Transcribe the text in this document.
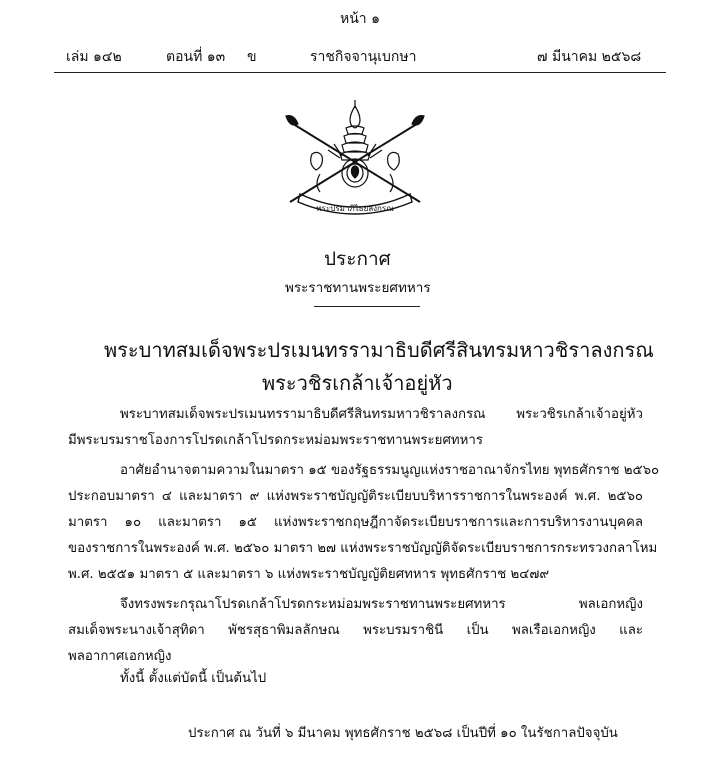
หน้า ๑
เล่ม ๑๔๒	ตอนที่ ๑๓ ข	ราชกิจจานุเบกษา	๗ มีนาคม ๒๕๖๘
พระปรมาภิไธยลงกรณ
ประกาศ
พระราชทานพระยศทหาร
พระบาทสมเด็จพระปรเมนทรรามาธิบดีศรีสินทรมหาวชิราลงกรณ
พระวชิรเกล้าเจ้าอยู่หัว
พระบาทสมเด็จพระปรเมนทรรามาธิบดีศรีสินทรมหาวชิราลงกรณ พระวชิรเกล้าเจ้าอยู่หัว
มีพระบรมราชโองการโปรดเกล้าโปรดกระหม่อมพระราชทานพระยศทหาร
อาศัยอำนาจตามความในมาตรา ๑๕ ของรัฐธรรมนูญแห่งราชอาณาจักรไทย พุทธศักราช ๒๕๖๐
ประกอบมาตรา ๔ และมาตรา ๙ แห่งพระราชบัญญัติระเบียบบริหารราชการในพระองค์ พ.ศ. ๒๕๖๐
มาตรา ๑๐ และมาตรา ๑๕ แห่งพระราชกฤษฎีกาจัดระเบียบราชการและการบริหารงานบุคคล
ของราชการในพระองค์ พ.ศ. ๒๕๖๐ มาตรา ๒๗ แห่งพระราชบัญญัติจัดระเบียบราชการกระทรวงกลาโหม
พ.ศ. ๒๕๕๑ มาตรา ๕ และมาตรา ๖ แห่งพระราชบัญญัติยศทหาร พุทธศักราช ๒๔๗๙
จึงทรงพระกรุณาโปรดเกล้าโปรดกระหม่อมพระราชทานพระยศทหาร พลเอกหญิง
สมเด็จพระนางเจ้าสุทิดา พัชรสุธาพิมลลักษณ พระบรมราชินี เป็น พลเรือเอกหญิง และ
พลอากาศเอกหญิง
ทั้งนี้ ตั้งแต่บัดนี้ เป็นต้นไป
ประกาศ ณ วันที่ ๖ มีนาคม พุทธศักราช ๒๕๖๘ เป็นปีที่ ๑๐ ในรัชกาลปัจจุบัน
